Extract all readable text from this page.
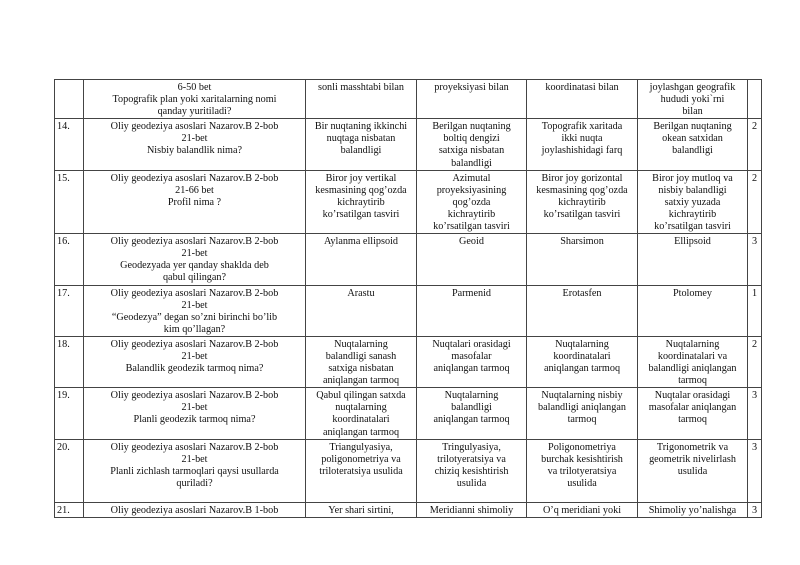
	6-50 bet
Topografik plan yoki xaritalarning nomi
qanday yuritiladi?	sonli masshtabi bilan	proyeksiyasi bilan	koordinatasi bilan	joylashgan geografik
hududi yoki`rni
bilan	

14.	Oliy geodeziya asoslari Nazarov.B 2-bob
21-bet
Nisbiy balandlik nima?	Bir nuqtaning ikkinchi
nuqtaga nisbatan
balandligi	Berilgan nuqtaning
boltiq dengizi
satxiga nisbatan
balandligi	Topografik xaritada
ikki nuqta
joylashishidagi farq	Berilgan nuqtaning
okean satxidan
balandligi	2
15.	Oliy geodeziya asoslari Nazarov.B 2-bob
21-66 bet
Profil nima ?	Biror joy vertikal
kesmasining qog’ozda
kichraytirib
ko’rsatilgan tasviri	Azimutal
proyeksiyasining
qog’ozda
kichraytirib
ko’rsatilgan tasviri	Biror joy gorizontal
kesmasining qog’ozda
kichraytirib
ko’rsatilgan tasviri	Biror joy mutloq va
nisbiy balandligi
satxiy yuzada
kichraytirib
ko’rsatilgan tasviri	2
16.	Oliy geodeziya asoslari Nazarov.B 2-bob
21-bet
Geodezyada yer qanday shaklda deb
qabul qilingan?	Aylanma ellipsoid	Geoid	Sharsimon	Ellipsoid	3
17.	Oliy geodeziya asoslari Nazarov.B 2-bob
21-bet
“Geodezya” degan so’zni birinchi bo’lib
kim qo’llagan?	Arastu	Parmenid	Erotasfen	Ptolomey	1
18.	Oliy geodeziya asoslari Nazarov.B 2-bob
21-bet
Balandlik geodezik tarmoq nima?	Nuqtalarning
balandligi sanash
satxiga nisbatan
aniqlangan tarmoq	Nuqtalari orasidagi
masofalar
aniqlangan tarmoq	Nuqtalarning
koordinatalari
aniqlangan tarmoq	Nuqtalarning
koordinatalari va
balandligi aniqlangan
tarmoq	2
19.	Oliy geodeziya asoslari Nazarov.B 2-bob
21-bet
Planli geodezik tarmoq nima?	Qabul qilingan satxda
nuqtalarning
koordinatalari
aniqlangan tarmoq	Nuqtalarning
balandligi
aniqlangan tarmoq	Nuqtalarning nisbiy
balandligi aniqlangan
tarmoq	Nuqtalar orasidagi
masofalar aniqlangan
tarmoq	3
20.	Oliy geodeziya asoslari Nazarov.B 2-bob
21-bet
Planli zichlash tarmoqlari qaysi usullarda
quriladi?	Triangulyasiya,
poligonometriya va
triloteratsiya usulida	Tringulyasiya,
trilotyeratsiya va
chiziq kesishtirish
usulida	Poligonometriya
burchak kesishtirish
va trilotyeratsiya
usulida	Trigonometrik va
geometrik nivelirlash
usulida	3
21.	Oliy geodeziya asoslari Nazarov.B 1-bob	Yer shari sirtini,	Meridianni shimoliy	O’q meridiani yoki	Shimoliy yo’nalishga	3
